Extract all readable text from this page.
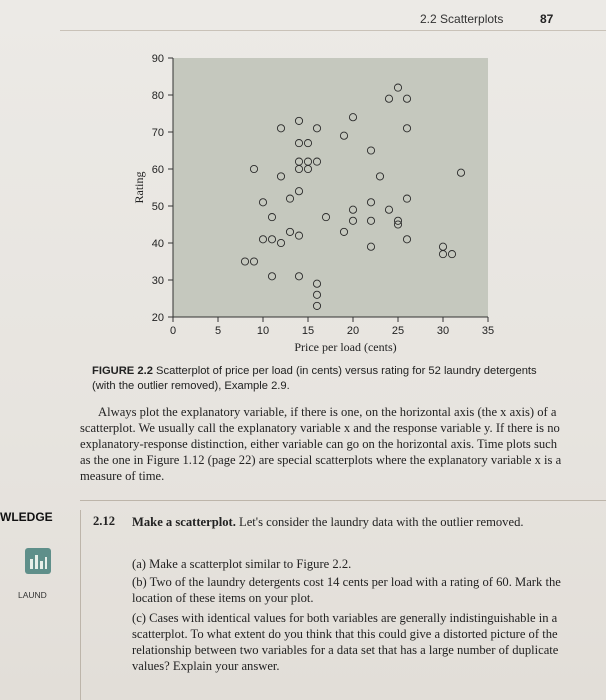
2.2 Scatterplots	87
0	5	10	15	20	25	30	35
20
30
40
50
60
70
80
90
Price per load (cents)
Rating
FIGURE 2.2 Scatterplot of price per load (in cents) versus rating for 52 laundry detergents (with the outlier removed), Example 2.9.
Always plot the explanatory variable, if there is one, on the horizontal axis (the x axis) of a scatterplot. We usually call the explanatory variable x and the response variable y. If there is no explanatory-response distinction, either variable can go on the horizontal axis. Time plots such as the one in Figure 1.12 (page 22) are special scatterplots where the explanatory variable x is a measure of time.
WLEDGE
LAUND
2.12 Make a scatterplot. Let's consider the laundry data with the outlier removed.
(a) Make a scatterplot similar to Figure 2.2.
(b) Two of the laundry detergents cost 14 cents per load with a rating of 60. Mark the location of these items on your plot.
(c) Cases with identical values for both variables are generally indistinguishable in a scatterplot. To what extent do you think that this could give a distorted picture of the relationship between two variables for a data set that has a large number of duplicate values? Explain your answer.
